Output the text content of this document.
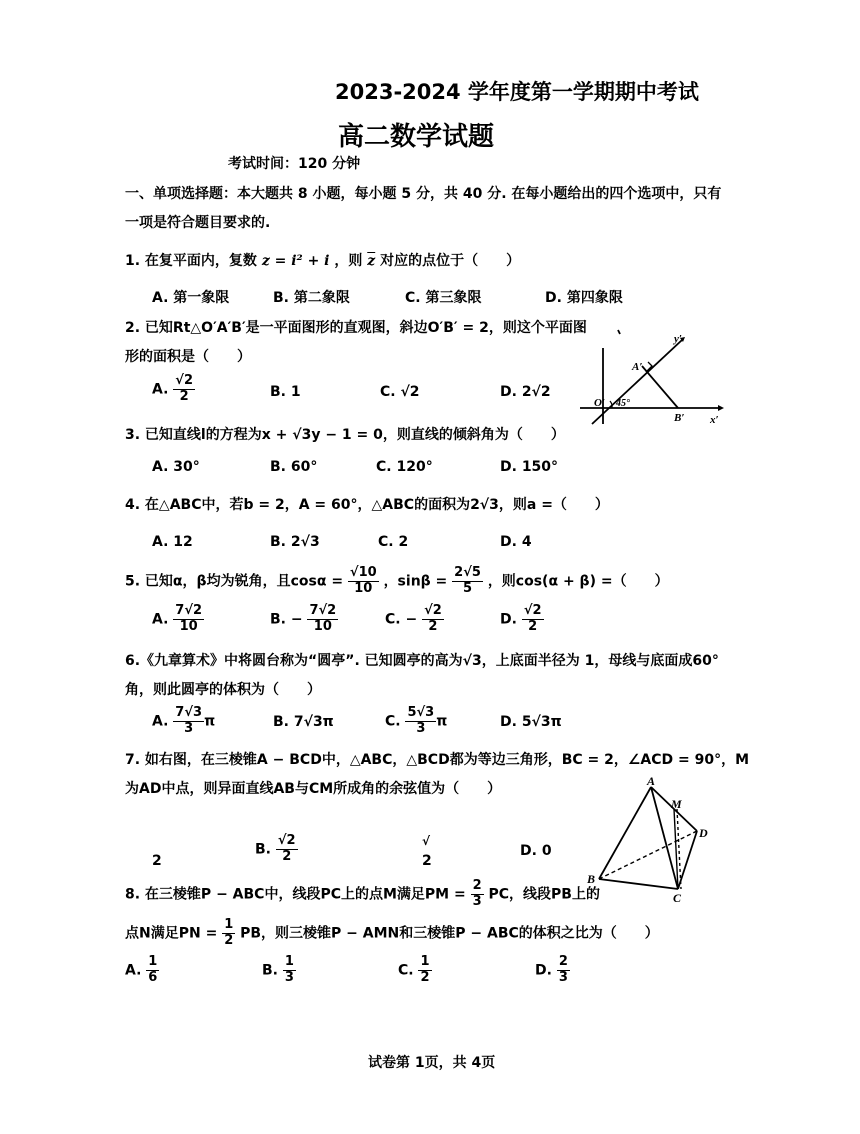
2023-2024 学年度第一学期期中考试
高二数学试题
考试时间：120 分钟
一、单项选择题：本大题共 8 小题，每小题 5 分，共 40 分. 在每小题给出的四个选项中，只有
一项是符合题目要求的.
1. 在复平面内，复数 z = i² + i ，则 $\overline{z}$ 对应的点位于（　　）
A. 第一象限	B. 第二象限	C. 第三象限	D. 第四象限
2. 已知Rt△O′A′B′是一平面图形的直观图，斜边O′B′ = 2，则这个平面图
形的面积是（　　）
A. $\frac{√2}{2}$	B. 1	C. √2	D. 2√2
y′
A′
O′ 45°
B′ x′
3. 已知直线l的方程为x + √3y − 1 = 0，则直线的倾斜角为（　　）
A. 30°	B. 60°	C. 120°	D. 150°
4. 在△ABC中，若b = 2，A = 60°，△ABC的面积为2√3，则a =（　　）
A. 12	B. 2√3	C. 2	D. 4
5. 已知α，β均为锐角，且$\cos\alpha = \frac{√10}{10}$ ，$\sin\beta = \frac{2√5}{5}$ ，则cos(α + β) =（　　）
A. $\frac{7√2}{10}$	B. − $\frac{7√2}{10}$	C. − $\frac{√2}{2}$	D. $\frac{√2}{2}$
6.《九章算术》中将圆台称为“圆亭”. 已知圆亭的高为√3，上底面半径为 1，母线与底面成60°
角，则此圆亭的体积为（　　）
A. $\frac{7√3}{3}$ π	B. 7√3π	C. $\frac{5√3}{3}$ π	D. 5√3π
7. 如右图，在三棱锥A − BCD中，△ABC，△BCD都为等边三角形，BC = 2，∠ACD = 90°，M
为AD中点，则异面直线AB与CM所成角的余弦值为（　　）
2
B. $\frac{√2}{2}$	√
2
D. 0
A
M
D
B
C
8. 在三棱锥P − ABC中，线段PC上的点M满足PM = $\frac{2}{3}$ PC，线段PB上的
点N满足PN = $\frac{1}{2}$ PB，则三棱锥P − AMN和三棱锥P − ABC的体积之比为（　　）
A. $\frac{1}{6}$	B. $\frac{1}{3}$	C. $\frac{1}{2}$	D. $\frac{2}{3}$
试卷第 1页，共 4页
